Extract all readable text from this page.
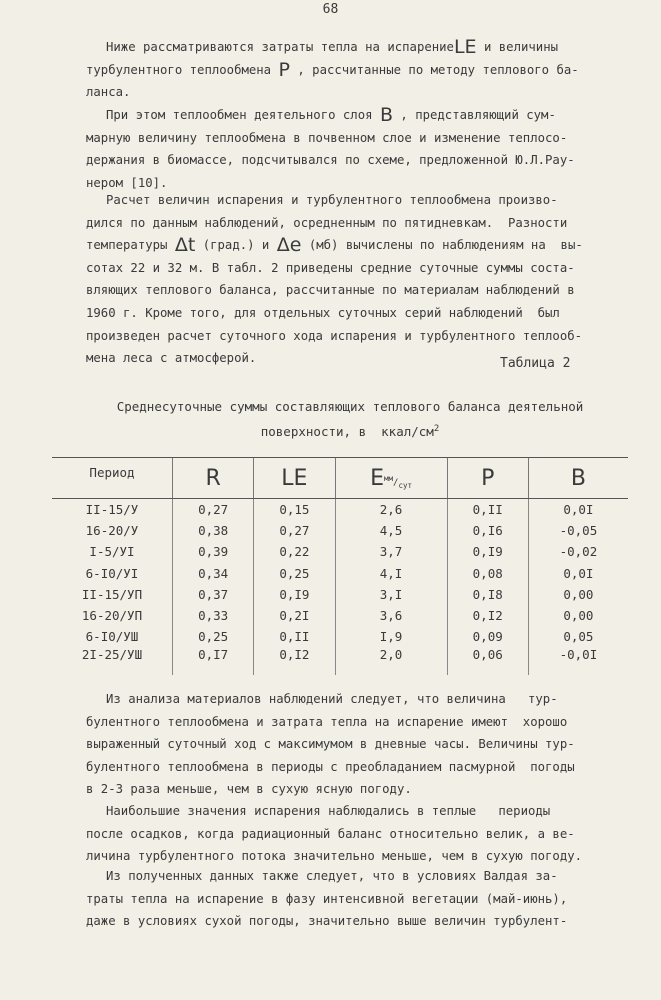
68
Ниже рассматриваются затраты тепла на испарениеLE и величины
турбулентного теплообмена P , рассчитанные по методу теплового ба-
ланса.
При этом теплообмен деятельного слоя B , представляющий сум-
марную величину теплообмена в почвенном слое и изменение теплосо-
держания в биомассе, подсчитывался по схеме, предложенной Ю.Л.Рау-
нером [10].
Расчет величин испарения и турбулентного теплообмена произво-
дился по данным наблюдений, осредненным по пятидневкам.  Разности
температуры Δt (град.) и Δe (мб) вычислены по наблюдениям на  вы-
сотах 22 и 32 м. В табл. 2 приведены средние суточные суммы соста-
вляющих теплового баланса, рассчитанные по материалам наблюдений в
1960 г. Кроме того, для отдельных суточных серий наблюдений  был
произведен расчет суточного хода испарения и турбулентного теплооб-
мена леса с атмосферой.	Таблица 2
Среднесуточные суммы составляющих теплового баланса деятельной
поверхности, в  ккал/$см^2$
Период	R	LE	$E^{мм}/_{сут}$	P	B
II-15/У	0,27	0,15	2,6	0,II	0,0I
16-20/У	0,38	0,27	4,5	0,I6	-0,05
I-5/УI	0,39	0,22	3,7	0,I9	-0,02
6-I0/УI	0,34	0,25	4,I	0,08	0,0I
II-15/УП	0,37	0,I9	3,I	0,I8	0,00
16-20/УП	0,33	0,2I	3,6	0,I2	0,00
6-I0/УШ	0,25	0,II	I,9	0,09	0,05
2I-25/УШ	0,I7	0,I2	2,0	0,06	-0,0I
Из анализа материалов наблюдений следует, что величина   тур-
булентного теплообмена и затрата тепла на испарение имеют  хорошо
выраженный суточный ход с максимумом в дневные часы. Величины тур-
булентного теплообмена в периоды с преобладанием пасмурной  погоды
в 2-3 раза меньше, чем в сухую ясную погоду.
Наибольшие значения испарения наблюдались в теплые   периоды
после осадков, когда радиационный баланс относительно велик, а ве-
личина турбулентного потока значительно меньше, чем в сухую погоду.
Из полученных данных также следует, что в условиях Валдая за-
траты тепла на испарение в фазу интенсивной вегетации (май-июнь),
даже в условиях сухой погоды, значительно выше величин турбулент-
